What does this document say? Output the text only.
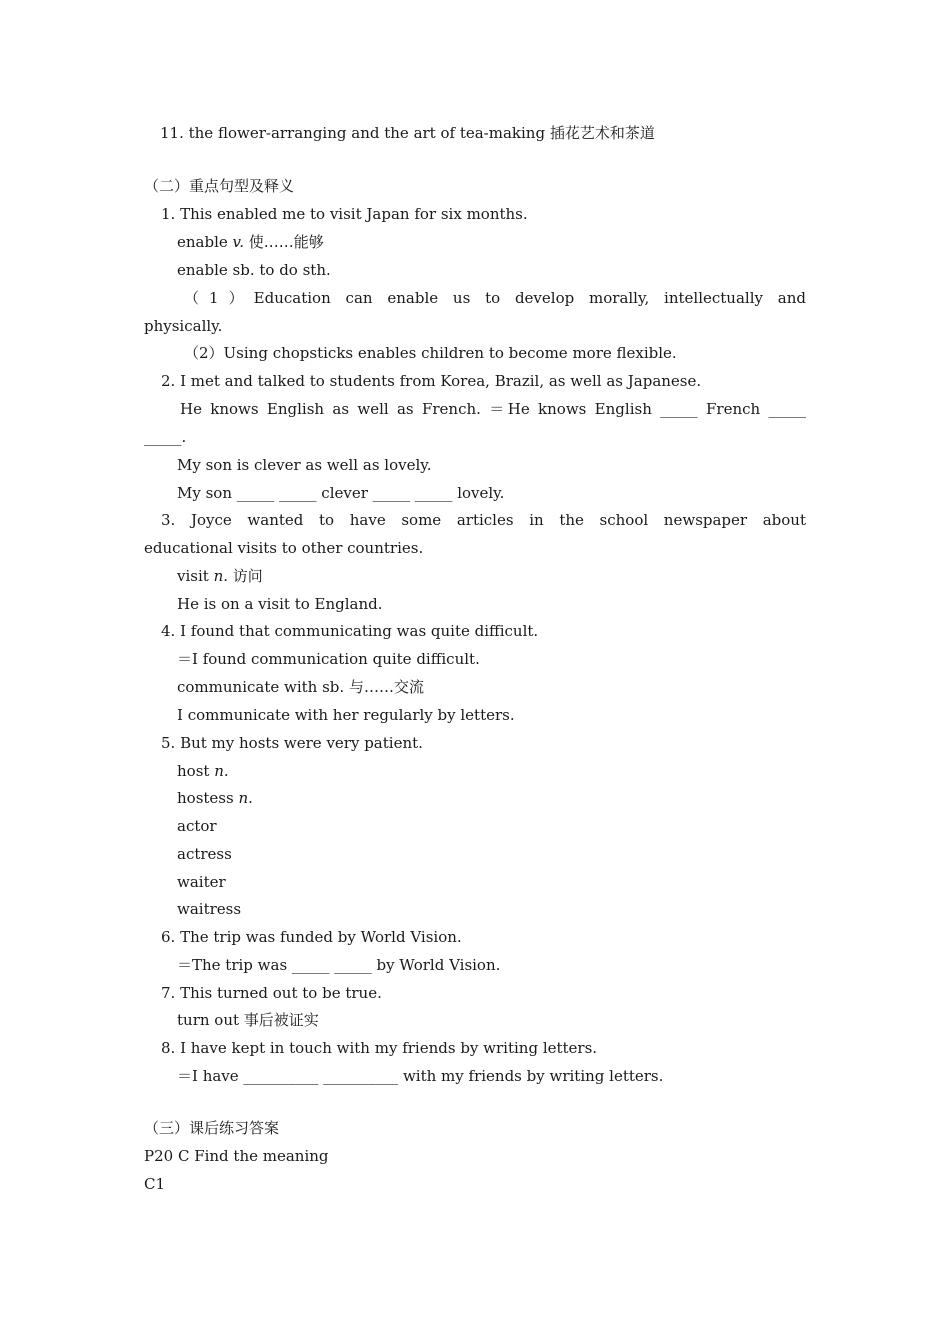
11. the flower-arranging and the art of tea-making 插花艺术和茶道
（二）重点句型及释义
1. This enabled me to visit Japan for six months.
enable v. 使……能够
enable sb. to do sth.
（1）Education can enable us to develop morally, intellectually and
physically.
（2）Using chopsticks enables children to become more flexible.
2. I met and talked to students from Korea, Brazil, as well as Japanese.
He knows English as well as French. ＝He knows English _____ French _____
_____.
My son is clever as well as lovely.
My son _____ _____ clever _____ _____ lovely.
3. Joyce wanted to have some articles in the school newspaper about
educational visits to other countries.
visit n. 访问
He is on a visit to England.
4. I found that communicating was quite difficult.
＝I found communication quite difficult.
communicate with sb. 与……交流
I communicate with her regularly by letters.
5. But my hosts were very patient.
host n.
hostess n.
actor
actress
waiter
waitress
6. The trip was funded by World Vision.
＝The trip was _____ _____ by World Vision.
7. This turned out to be true.
turn out 事后被证实
8. I have kept in touch with my friends by writing letters.
＝I have __________ __________ with my friends by writing letters.
（三）课后练习答案
P20 C Find the meaning
C1
